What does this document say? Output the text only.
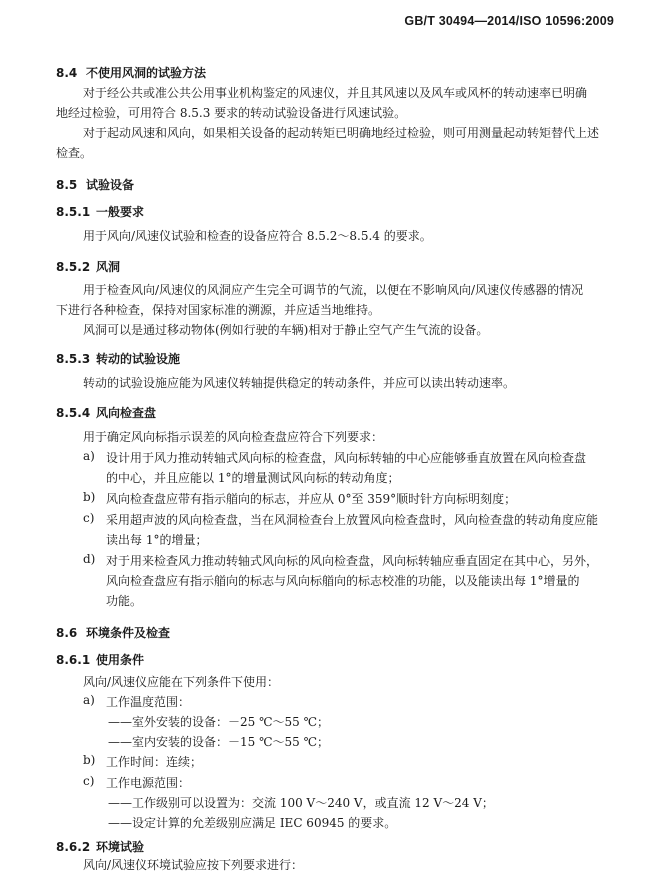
GB/T 30494—2014/ISO 10596:2009
8.4 不使用风洞的试验方法
对于经公共或准公共公用事业机构鉴定的风速仪，并且其风速以及风车或风杯的转动速率已明确
地经过检验，可用符合 8.5.3 要求的转动试验设备进行风速试验。
对于起动风速和风向，如果相关设备的起动转矩已明确地经过检验，则可用测量起动转矩替代上述
检查。
8.5 试验设备
8.5.1 一般要求
用于风向/风速仪试验和检查的设备应符合 8.5.2～8.5.4 的要求。
8.5.2 风洞
用于检查风向/风速仪的风洞应产生完全可调节的气流，以便在不影响风向/风速仪传感器的情况
下进行各种检查，保持对国家标准的溯源，并应适当地维持。
风洞可以是通过移动物体(例如行驶的车辆)相对于静止空气产生气流的设备。
8.5.3 转动的试验设施
转动的试验设施应能为风速仪转轴提供稳定的转动条件，并应可以读出转动速率。
8.5.4 风向检查盘
用于确定风向标指示误差的风向检查盘应符合下列要求：
a) 设计用于风力推动转轴式风向标的检查盘，风向标转轴的中心应能够垂直放置在风向检查盘
的中心，并且应能以 1°的增量测试风向标的转动角度；
b) 风向检查盘应带有指示艏向的标志，并应从 0°至 359°顺时针方向标明刻度；
c) 采用超声波的风向检查盘，当在风洞检查台上放置风向检查盘时，风向检查盘的转动角度应能
读出每 1°的增量；
d) 对于用来检查风力推动转轴式风向标的风向检查盘，风向标转轴应垂直固定在其中心，另外，
风向检查盘应有指示艏向的标志与风向标艏向的标志校准的功能，以及能读出每 1°增量的
功能。
8.6 环境条件及检查
8.6.1 使用条件
风向/风速仪应能在下列条件下使用：
a) 工作温度范围：
——室外安装的设备：－25 ℃～55 ℃；
——室内安装的设备：－15 ℃～55 ℃；
b) 工作时间：连续；
c) 工作电源范围：
——工作级别可以设置为：交流 100 V～240 V，或直流 12 V～24 V；
——设定计算的允差级别应满足 IEC 60945 的要求。
8.6.2 环境试验
风向/风速仪环境试验应按下列要求进行：
